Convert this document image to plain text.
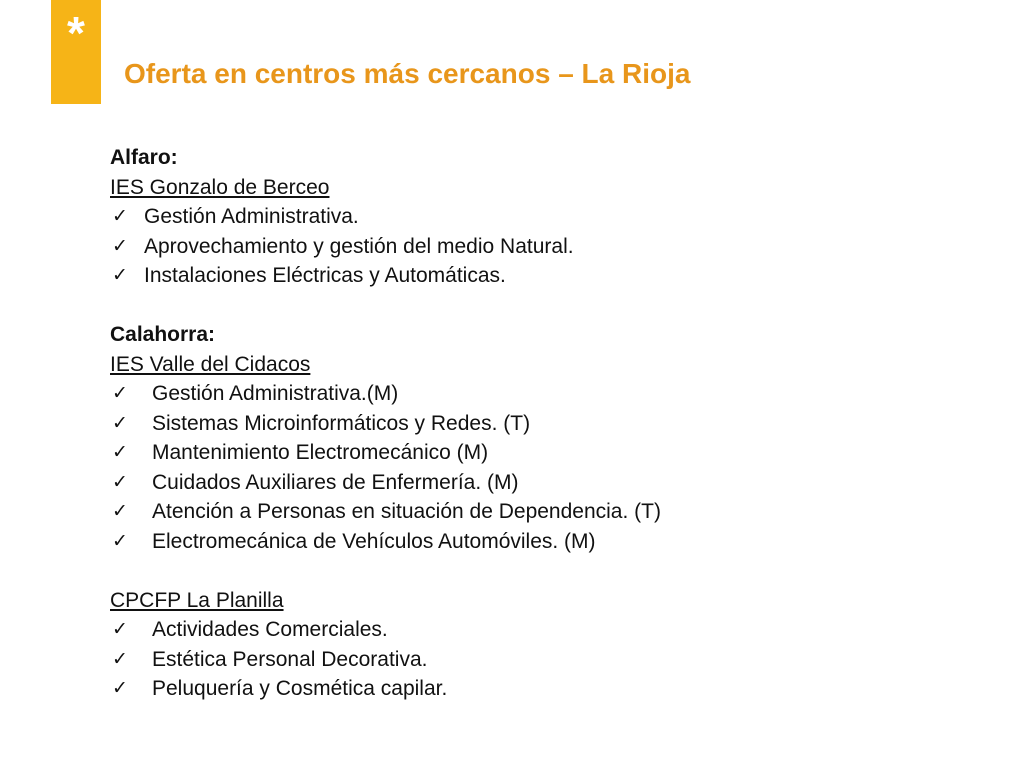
*
Oferta en centros más cercanos – La Rioja
Alfaro:
IES Gonzalo de Berceo
✓ Gestión Administrativa.
✓ Aprovechamiento y gestión del medio Natural.
✓ Instalaciones Eléctricas y Automáticas.
Calahorra:
IES Valle del Cidacos
✓	Gestión Administrativa.(M)
✓	Sistemas Microinformáticos y Redes. (T)
✓	Mantenimiento Electromecánico (M)
✓	Cuidados Auxiliares de Enfermería. (M)
✓	Atención a Personas en situación de Dependencia. (T)
✓	Electromecánica de Vehículos Automóviles. (M)
CPCFP La Planilla
✓	Actividades Comerciales.
✓	Estética Personal Decorativa.
✓	Peluquería y Cosmética capilar.
